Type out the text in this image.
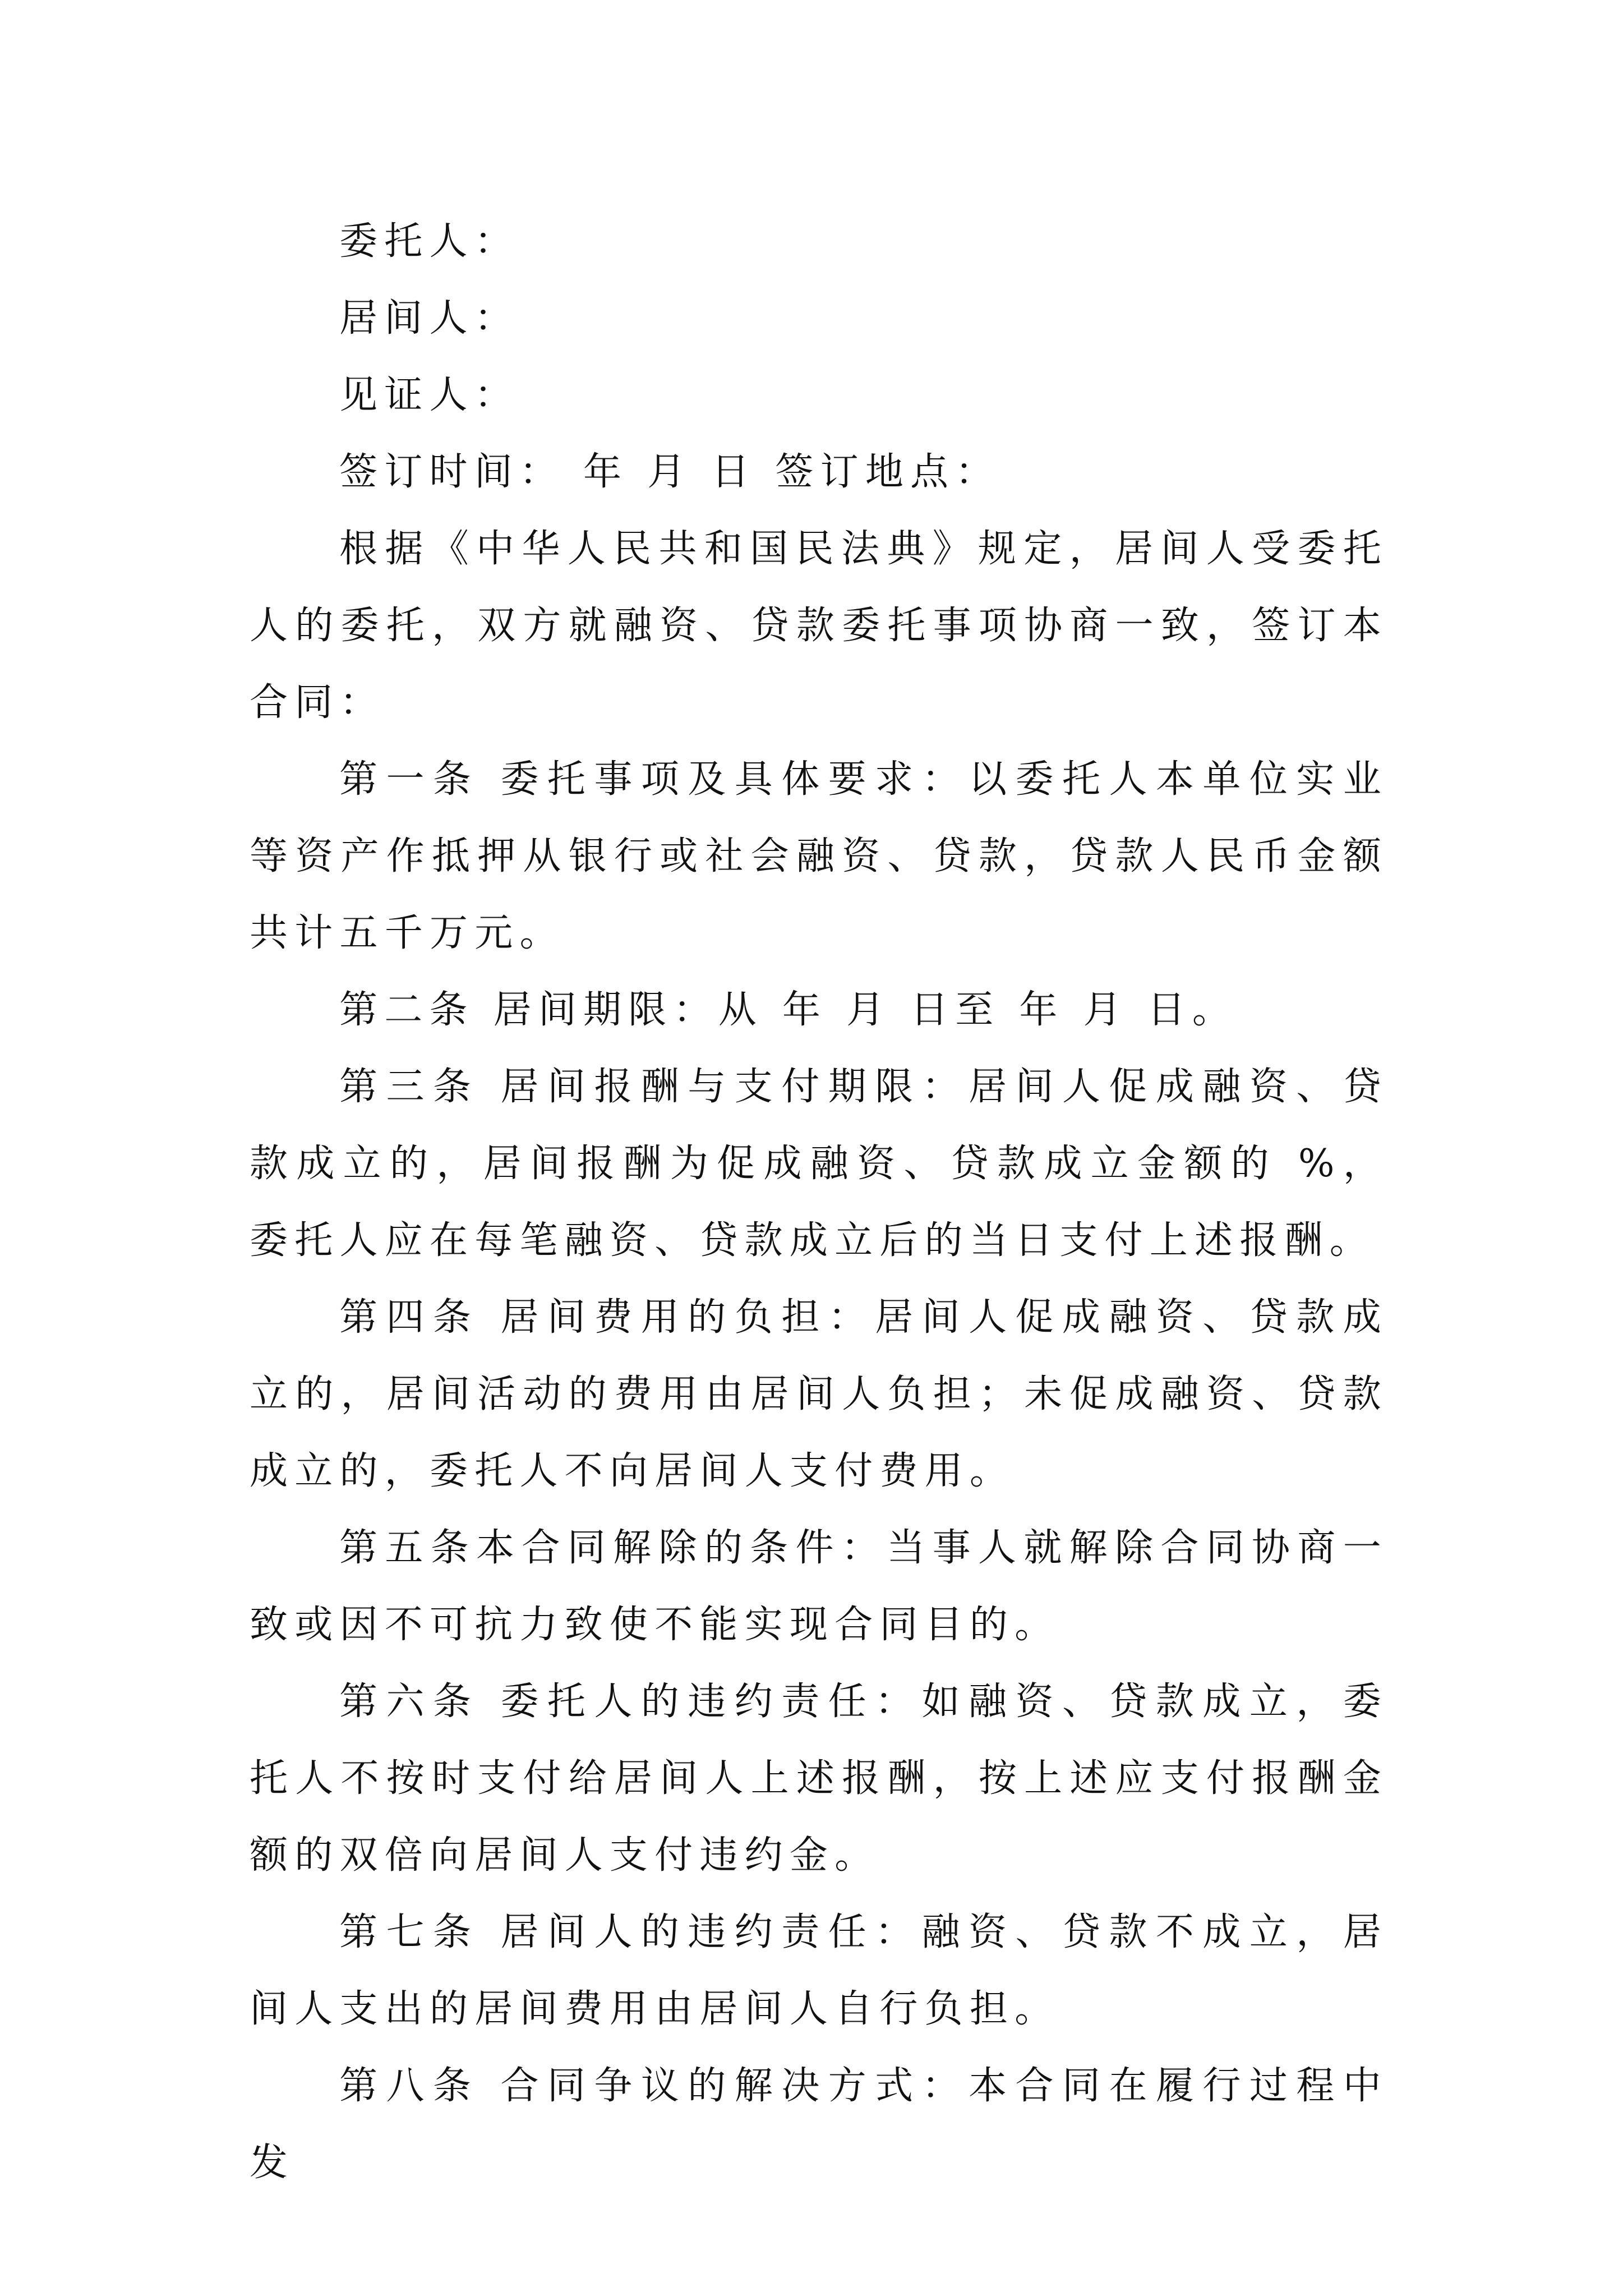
委托人：
居间人：
见证人：
签订时间： 年 月 日 签订地点：

根据《中华人民共和国民法典》规定，居间人受委托人的委托，双方就融资、贷款委托事项协商一致，签订本合同：

第一条 委托事项及具体要求：以委托人本单位实业等资产作抵押从银行或社会融资、贷款，贷款人民币金额共计五千万元。

第二条 居间期限：从 年 月 日至 年 月 日。

第三条 居间报酬与支付期限：居间人促成融资、贷款成立的，居间报酬为促成融资、贷款成立金额的 %，委托人应在每笔融资、贷款成立后的当日支付上述报酬。

第四条 居间费用的负担：居间人促成融资、贷款成立的，居间活动的费用由居间人负担；未促成融资、贷款成立的，委托人不向居间人支付费用。

第五条本合同解除的条件：当事人就解除合同协商一致或因不可抗力致使不能实现合同目的。

第六条 委托人的违约责任：如融资、贷款成立，委托人不按时支付给居间人上述报酬，按上述应支付报酬金额的双倍向居间人支付违约金。

第七条 居间人的违约责任：融资、贷款不成立，居间人支出的居间费用由居间人自行负担。

第八条 合同争议的解决方式：本合同在履行过程中发
